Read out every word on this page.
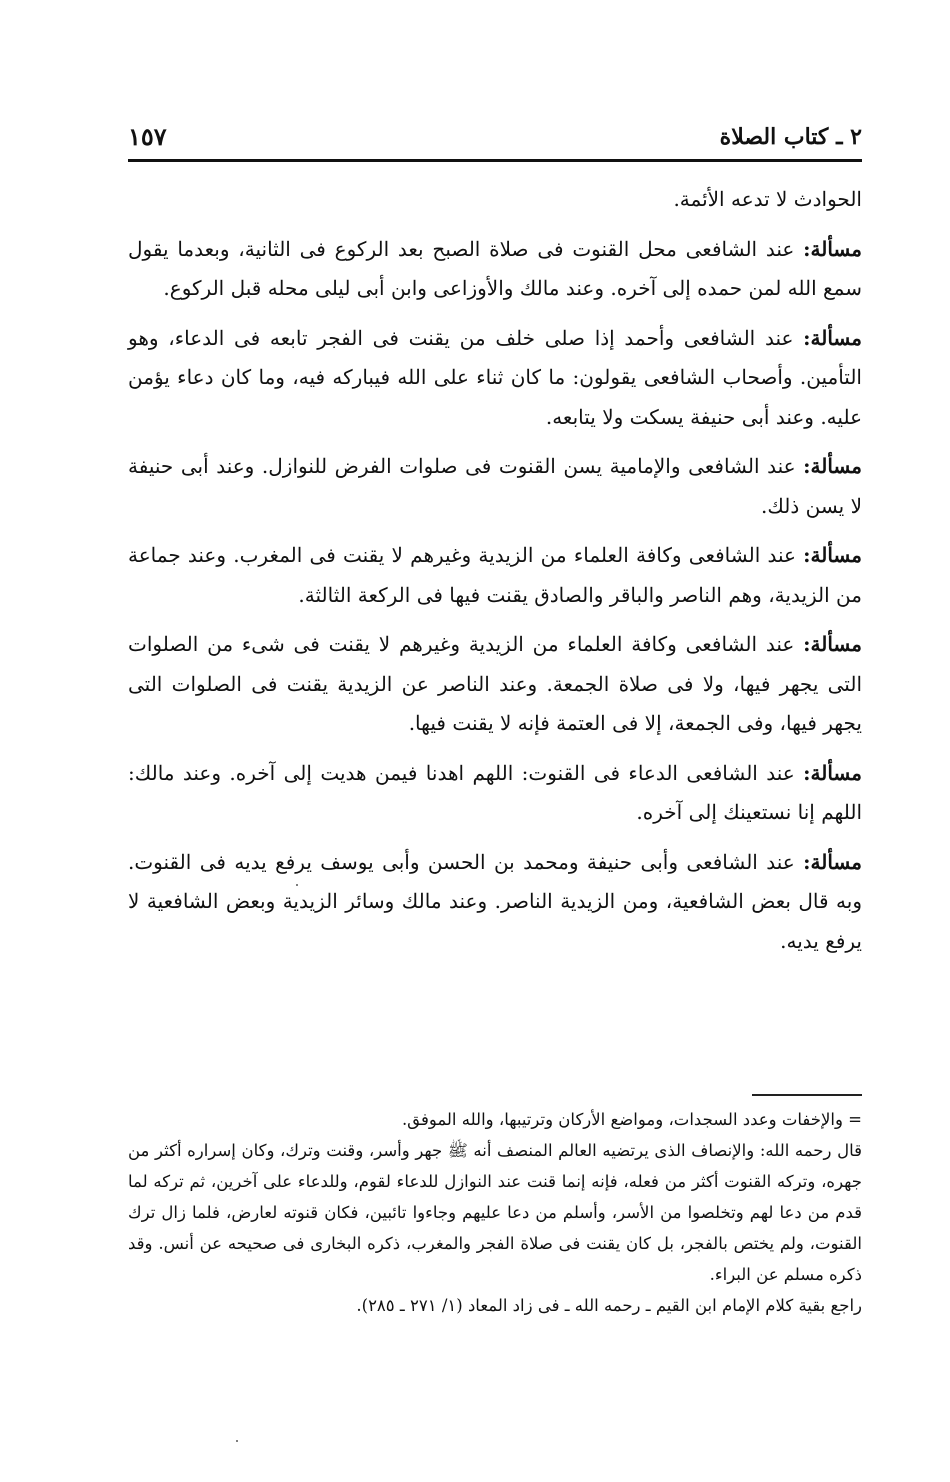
٢ ـ كتاب الصلاة
١٥٧

الحوادث لا تدعه الأئمة.

مسألة: عند الشافعى محل القنوت فى صلاة الصبح بعد الركوع فى الثانية، وبعدما يقول سمع الله لمن حمده إلى آخره. وعند مالك والأوزاعى وابن أبى ليلى محله قبل الركوع.

مسألة: عند الشافعى وأحمد إذا صلى خلف من يقنت فى الفجر تابعه فى الدعاء، وهو التأمين. وأصحاب الشافعى يقولون: ما كان ثناء على الله فيباركه فيه، وما كان دعاء يؤمن عليه. وعند أبى حنيفة يسكت ولا يتابعه.

مسألة: عند الشافعى والإمامية يسن القنوت فى صلوات الفرض للنوازل. وعند أبى حنيفة لا يسن ذلك.

مسألة: عند الشافعى وكافة العلماء من الزيدية وغيرهم لا يقنت فى المغرب. وعند جماعة من الزيدية، وهم الناصر والباقر والصادق يقنت فيها فى الركعة الثالثة.

مسألة: عند الشافعى وكافة العلماء من الزيدية وغيرهم لا يقنت فى شىء من الصلوات التى يجهر فيها، ولا فى صلاة الجمعة. وعند الناصر عن الزيدية يقنت فى الصلوات التى يجهر فيها، وفى الجمعة، إلا فى العتمة فإنه لا يقنت فيها.

مسألة: عند الشافعى الدعاء فى القنوت: اللهم اهدنا فيمن هديت إلى آخره. وعند مالك: اللهم إنا نستعينك إلى آخره.

مسألة: عند الشافعى وأبى حنيفة ومحمد بن الحسن وأبى يوسف يرفع يديه فى القنوت. وبه قال بعض الشافعية، ومن الزيدية الناصر. وعند مالك وسائر الزيدية وبعض الشافعية لا يرفع يديه.

= والإخفات وعدد السجدات، ومواضع الأركان وترتيبها، والله الموفق.

قال رحمه الله: والإنصاف الذى يرتضيه العالم المنصف أنه ﷺ جهر وأسر، وقنت وترك، وكان إسراره أكثر من جهره، وتركه القنوت أكثر من فعله، فإنه إنما قنت عند النوازل للدعاء لقوم، وللدعاء على آخرين، ثم تركه لما قدم من دعا لهم وتخلصوا من الأسر، وأسلم من دعا عليهم وجاءوا تائبين، فكان قنوته لعارض، فلما زال ترك القنوت، ولم يختص بالفجر، بل كان يقنت فى صلاة الفجر والمغرب، ذكره البخارى فى صحيحه عن أنس. وقد ذكره مسلم عن البراء.

راجع بقية كلام الإمام ابن القيم ـ رحمه الله ـ فى زاد المعاد (١/ ٢٧١ ـ ٢٨٥).
